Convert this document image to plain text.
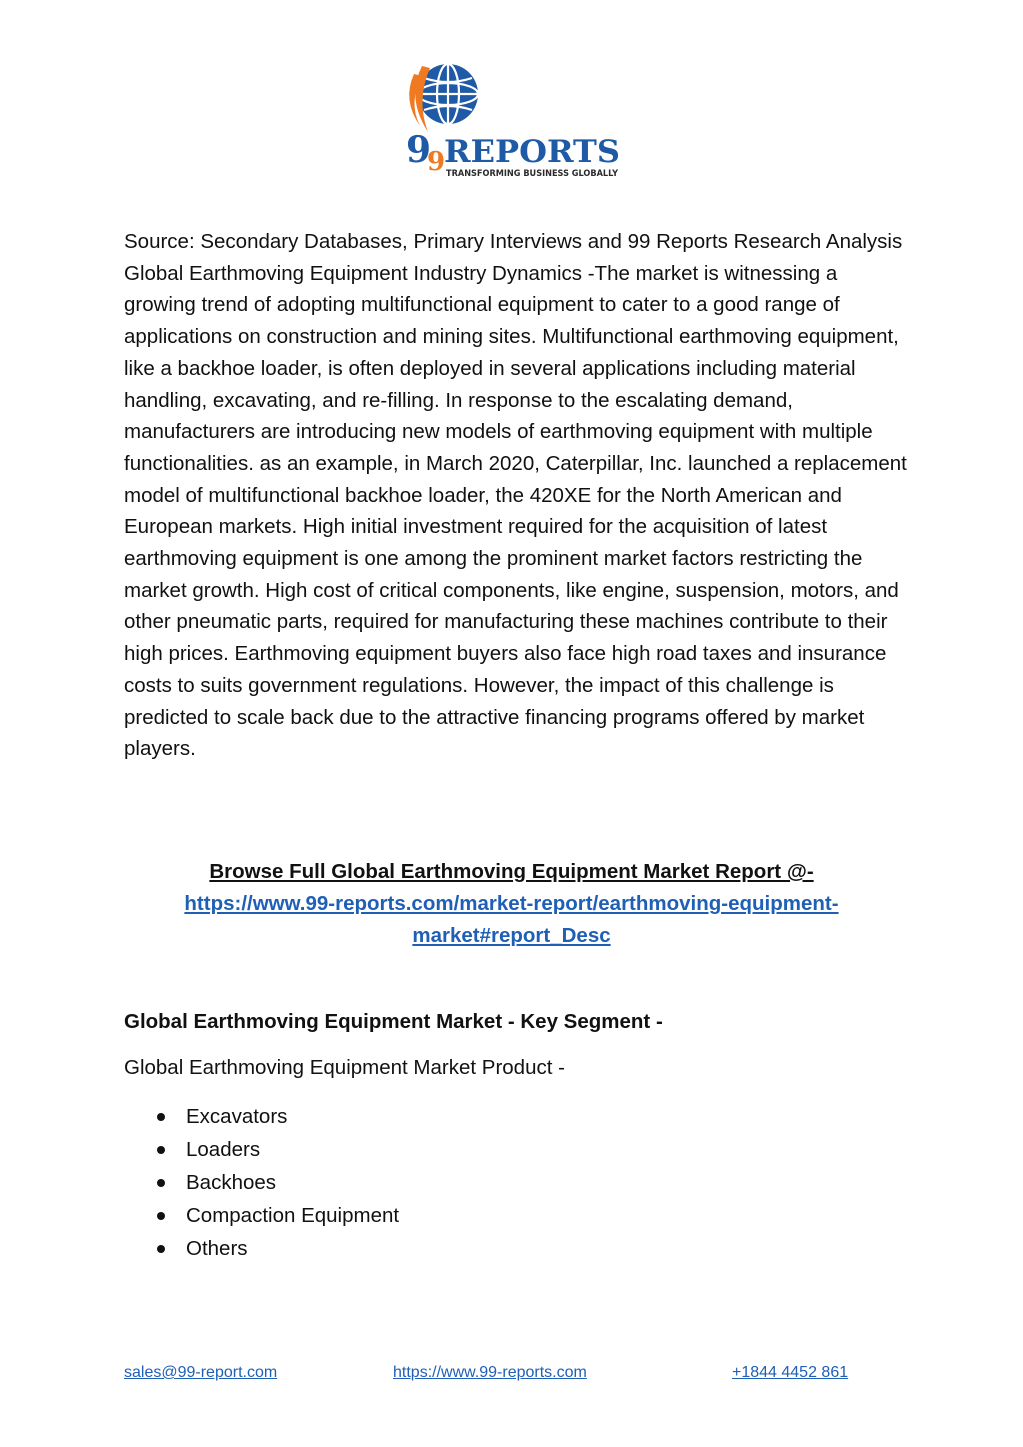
9
9
REPORTS
TRANSFORMING BUSINESS GLOBALLY

Source: Secondary Databases, Primary Interviews and 99 Reports Research Analysis Global Earthmoving Equipment Industry Dynamics -The market is witnessing a growing trend of adopting multifunctional equipment to cater to a good range of applications on construction and mining sites. Multifunctional earthmoving equipment, like a backhoe loader, is often deployed in several applications including material handling, excavating, and re-filling. In response to the escalating demand, manufacturers are introducing new models of earthmoving equipment with multiple functionalities. as an example, in March 2020, Caterpillar, Inc. launched a replacement model of multifunctional backhoe loader, the 420XE for the North American and European markets. High initial investment required for the acquisition of latest earthmoving equipment is one among the prominent market factors restricting the market growth. High cost of critical components, like engine, suspension, motors, and other pneumatic parts, required for manufacturing these machines contribute to their high prices. Earthmoving equipment buyers also face high road taxes and insurance costs to suits government regulations. However, the impact of this challenge is predicted to scale back due to the attractive financing programs offered by market players.

Browse Full Global Earthmoving Equipment Market Report @-
https://www.99-reports.com/market-report/earthmoving-equipment-
market#report_Desc

Global Earthmoving Equipment Market - Key Segment -

Global Earthmoving Equipment Market Product -

Excavators
Loaders
Backhoes
Compaction Equipment
Others
sales@99-report.com	https://www.99-reports.com	+1844 4452 861
